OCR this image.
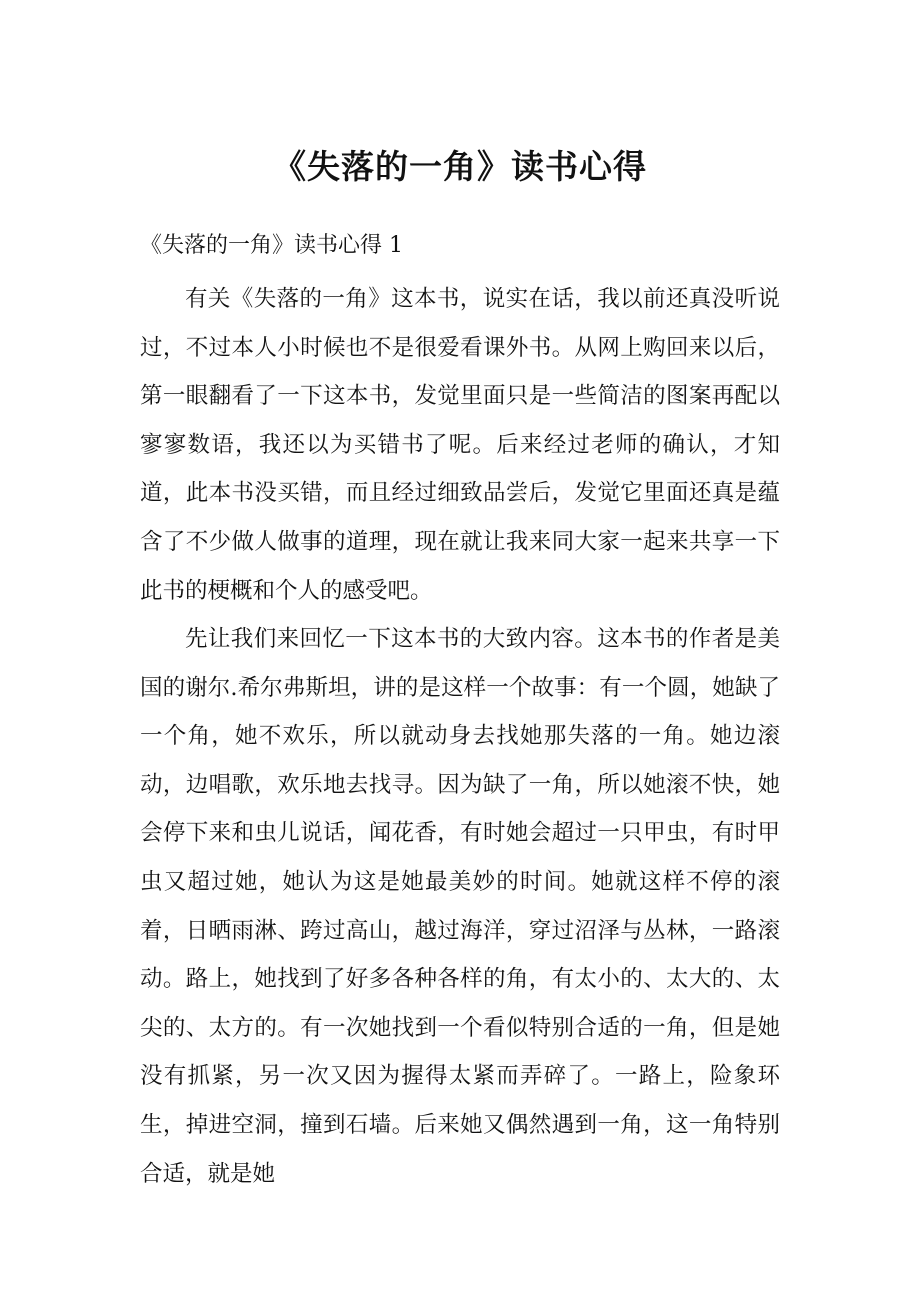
《失落的一角》读书心得
《失落的一角》读书心得 1

有关《失落的一角》这本书，说实在话，我以前还真没听说过，不过本人小时候也不是很爱看课外书。从网上购回来以后，第一眼翻看了一下这本书，发觉里面只是一些简洁的图案再配以寥寥数语，我还以为买错书了呢。后来经过老师的确认，才知道，此本书没买错，而且经过细致品尝后，发觉它里面还真是蕴含了不少做人做事的道理，现在就让我来同大家一起来共享一下此书的梗概和个人的感受吧。

先让我们来回忆一下这本书的大致内容。这本书的作者是美国的谢尔.希尔弗斯坦，讲的是这样一个故事：有一个圆，她缺了一个角，她不欢乐，所以就动身去找她那失落的一角。她边滚动，边唱歌，欢乐地去找寻。因为缺了一角，所以她滚不快，她会停下来和虫儿说话，闻花香，有时她会超过一只甲虫，有时甲虫又超过她，她认为这是她最美妙的时间。她就这样不停的滚着，日晒雨淋、跨过高山，越过海洋，穿过沼泽与丛林，一路滚动。路上，她找到了好多各种各样的角，有太小的、太大的、太尖的、太方的。有一次她找到一个看似特别合适的一角，但是她没有抓紧，另一次又因为握得太紧而弄碎了。一路上，险象环生，掉进空洞，撞到石墙。后来她又偶然遇到一角，这一角特别合适，就是她
